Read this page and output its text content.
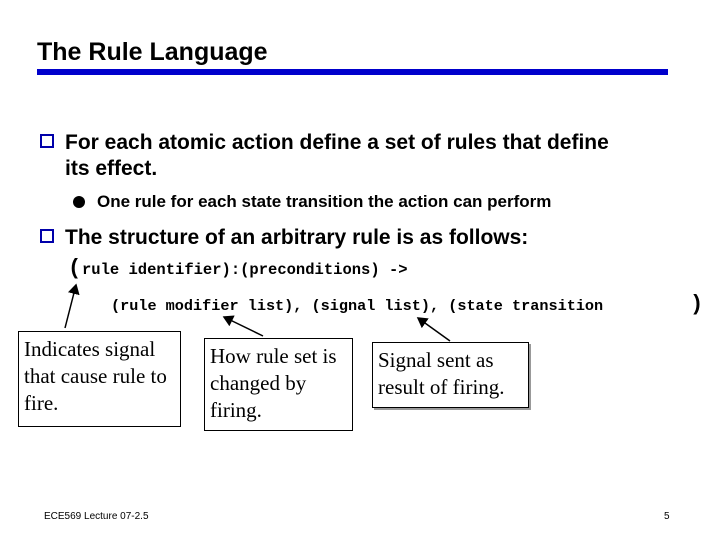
The Rule Language
For each atomic action define a set of rules that define
its effect.
One rule for each state transition the action can perform
The structure of an arbitrary rule is as follows:
( rule identifier):(preconditions) ->
(rule modifier list), (signal list), (state transition	)
Indicates signal that cause rule to fire.
How rule set is changed by firing.
Signal sent as result of firing.
ECE569 Lecture 07-2.5	5
